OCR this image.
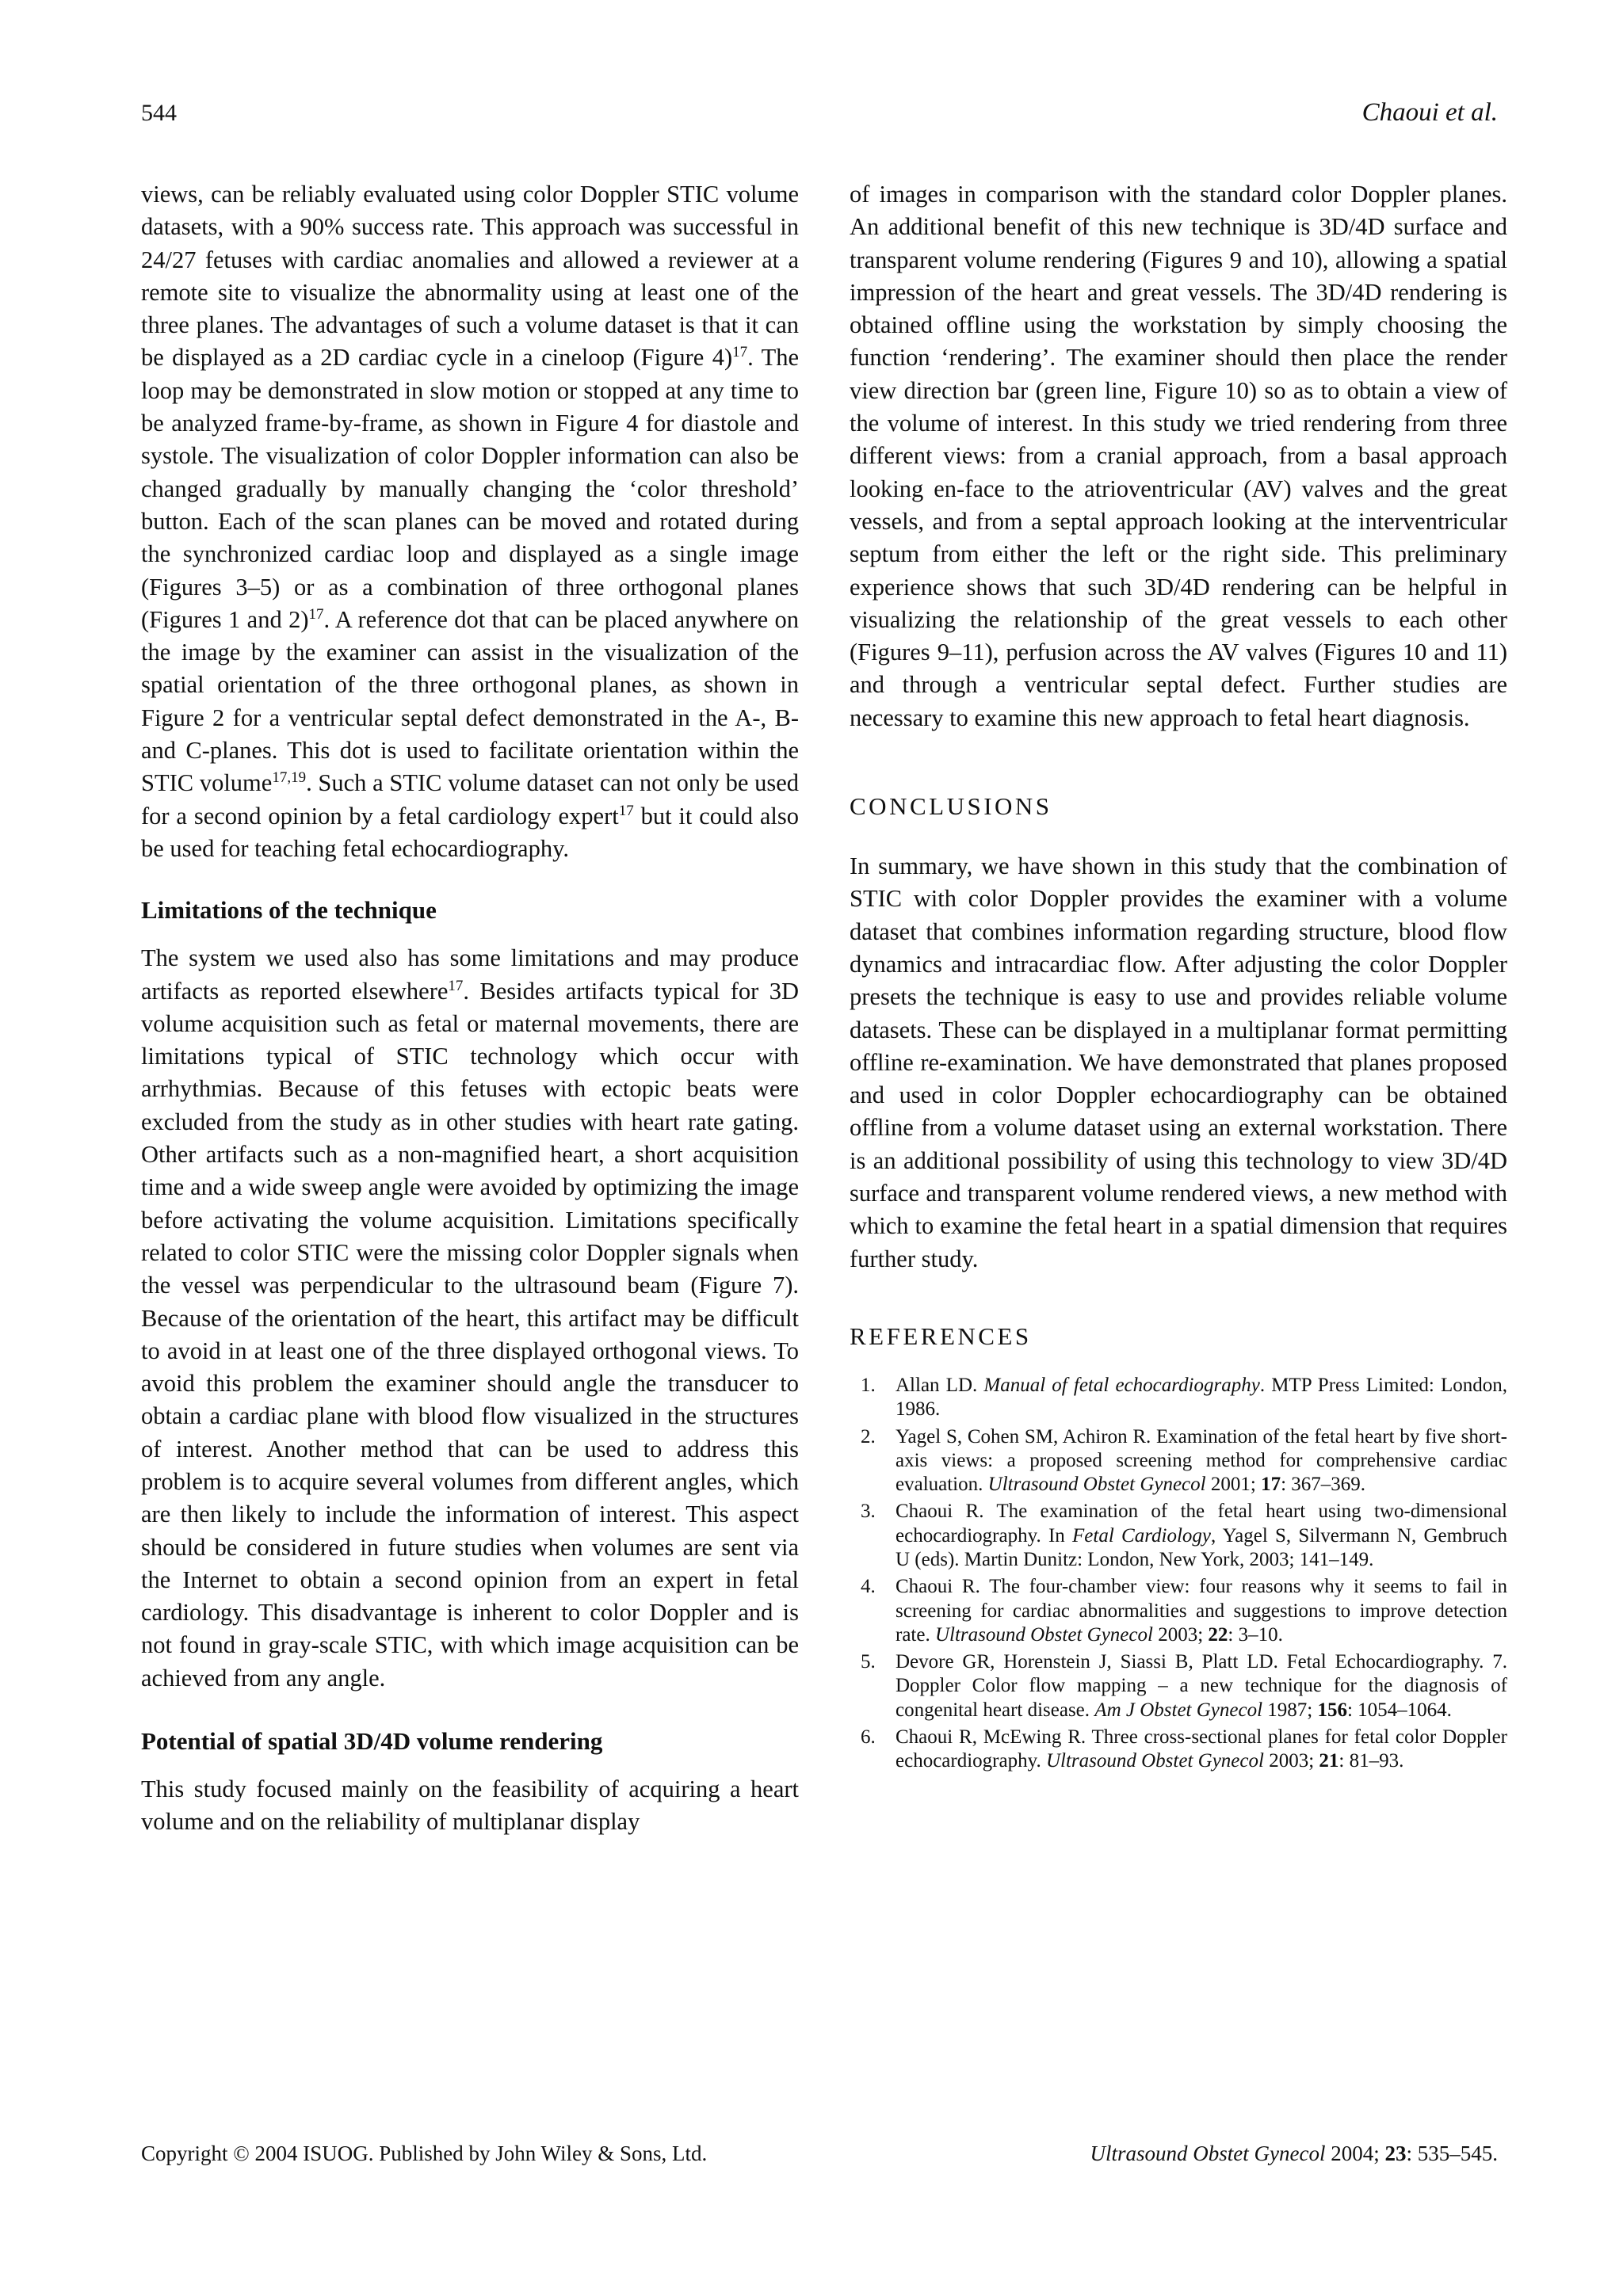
544	Chaoui et al.

views, can be reliably evaluated using color Doppler STIC volume datasets, with a 90% success rate. This approach was successful in 24/27 fetuses with cardiac anomalies and allowed a reviewer at a remote site to visualize the abnormality using at least one of the three planes. The advantages of such a volume dataset is that it can be displayed as a 2D cardiac cycle in a cineloop (Figure 4)$^{17}$. The loop may be demonstrated in slow motion or stopped at any time to be analyzed frame-by-frame, as shown in Figure 4 for diastole and systole. The visualization of color Doppler information can also be changed gradually by manually changing the ‘color threshold’ button. Each of the scan planes can be moved and rotated during the synchronized cardiac loop and displayed as a single image (Figures 3–5) or as a combination of three orthogonal planes (Figures 1 and 2)$^{17}$. A reference dot that can be placed anywhere on the image by the examiner can assist in the visualization of the spatial orientation of the three orthogonal planes, as shown in Figure 2 for a ventricular septal defect demonstrated in the A-, B- and C-planes. This dot is used to facilitate orientation within the STIC volume$^{17,19}$. Such a STIC volume dataset can not only be used for a second opinion by a fetal cardiology expert$^{17}$ but it could also be used for teaching fetal echocardiography.

Limitations of the technique

The system we used also has some limitations and may produce artifacts as reported elsewhere$^{17}$. Besides artifacts typical for 3D volume acquisition such as fetal or maternal movements, there are limitations typical of STIC technology which occur with arrhythmias. Because of this fetuses with ectopic beats were excluded from the study as in other studies with heart rate gating. Other artifacts such as a non-magnified heart, a short acquisition time and a wide sweep angle were avoided by optimizing the image before activating the volume acquisition. Limitations specifically related to color STIC were the missing color Doppler signals when the vessel was perpendicular to the ultrasound beam (Figure 7). Because of the orientation of the heart, this artifact may be difficult to avoid in at least one of the three displayed orthogonal views. To avoid this problem the examiner should angle the transducer to obtain a cardiac plane with blood flow visualized in the structures of interest. Another method that can be used to address this problem is to acquire several volumes from different angles, which are then likely to include the information of interest. This aspect should be considered in future studies when volumes are sent via the Internet to obtain a second opinion from an expert in fetal cardiology. This disadvantage is inherent to color Doppler and is not found in gray-scale STIC, with which image acquisition can be achieved from any angle.

Potential of spatial 3D/4D volume rendering

This study focused mainly on the feasibility of acquiring a heart volume and on the reliability of multiplanar display

of images in comparison with the standard color Doppler planes. An additional benefit of this new technique is 3D/4D surface and transparent volume rendering (Figures 9 and 10), allowing a spatial impression of the heart and great vessels. The 3D/4D rendering is obtained offline using the workstation by simply choosing the function ‘rendering’. The examiner should then place the render view direction bar (green line, Figure 10) so as to obtain a view of the volume of interest. In this study we tried rendering from three different views: from a cranial approach, from a basal approach looking en-face to the atrioventricular (AV) valves and the great vessels, and from a septal approach looking at the interventricular septum from either the left or the right side. This preliminary experience shows that such 3D/4D rendering can be helpful in visualizing the relationship of the great vessels to each other (Figures 9–11), perfusion across the AV valves (Figures 10 and 11) and through a ventricular septal defect. Further studies are necessary to examine this new approach to fetal heart diagnosis.

CONCLUSIONS

In summary, we have shown in this study that the combination of STIC with color Doppler provides the examiner with a volume dataset that combines information regarding structure, blood flow dynamics and intracardiac flow. After adjusting the color Doppler presets the technique is easy to use and provides reliable volume datasets. These can be displayed in a multiplanar format permitting offline re-examination. We have demonstrated that planes proposed and used in color Doppler echocardiography can be obtained offline from a volume dataset using an external workstation. There is an additional possibility of using this technology to view 3D/4D surface and transparent volume rendered views, a new method with which to examine the fetal heart in a spatial dimension that requires further study.

REFERENCES
1. Allan LD. Manual of fetal echocardiography. MTP Press Limited: London, 1986.
2. Yagel S, Cohen SM, Achiron R. Examination of the fetal heart by five short-axis views: a proposed screening method for comprehensive cardiac evaluation. Ultrasound Obstet Gynecol 2001; 17: 367–369.
3. Chaoui R. The examination of the fetal heart using two-dimensional echocardiography. In Fetal Cardiology, Yagel S, Silvermann N, Gembruch U (eds). Martin Dunitz: London, New York, 2003; 141–149.
4. Chaoui R. The four-chamber view: four reasons why it seems to fail in screening for cardiac abnormalities and suggestions to improve detection rate. Ultrasound Obstet Gynecol 2003; 22: 3–10.
5. Devore GR, Horenstein J, Siassi B, Platt LD. Fetal Echocardiography. 7. Doppler Color flow mapping – a new technique for the diagnosis of congenital heart disease. Am J Obstet Gynecol 1987; 156: 1054–1064.
6. Chaoui R, McEwing R. Three cross-sectional planes for fetal color Doppler echocardiography. Ultrasound Obstet Gynecol 2003; 21: 81–93.
Copyright © 2004 ISUOG. Published by John Wiley & Sons, Ltd.	Ultrasound Obstet Gynecol 2004; 23: 535–545.
